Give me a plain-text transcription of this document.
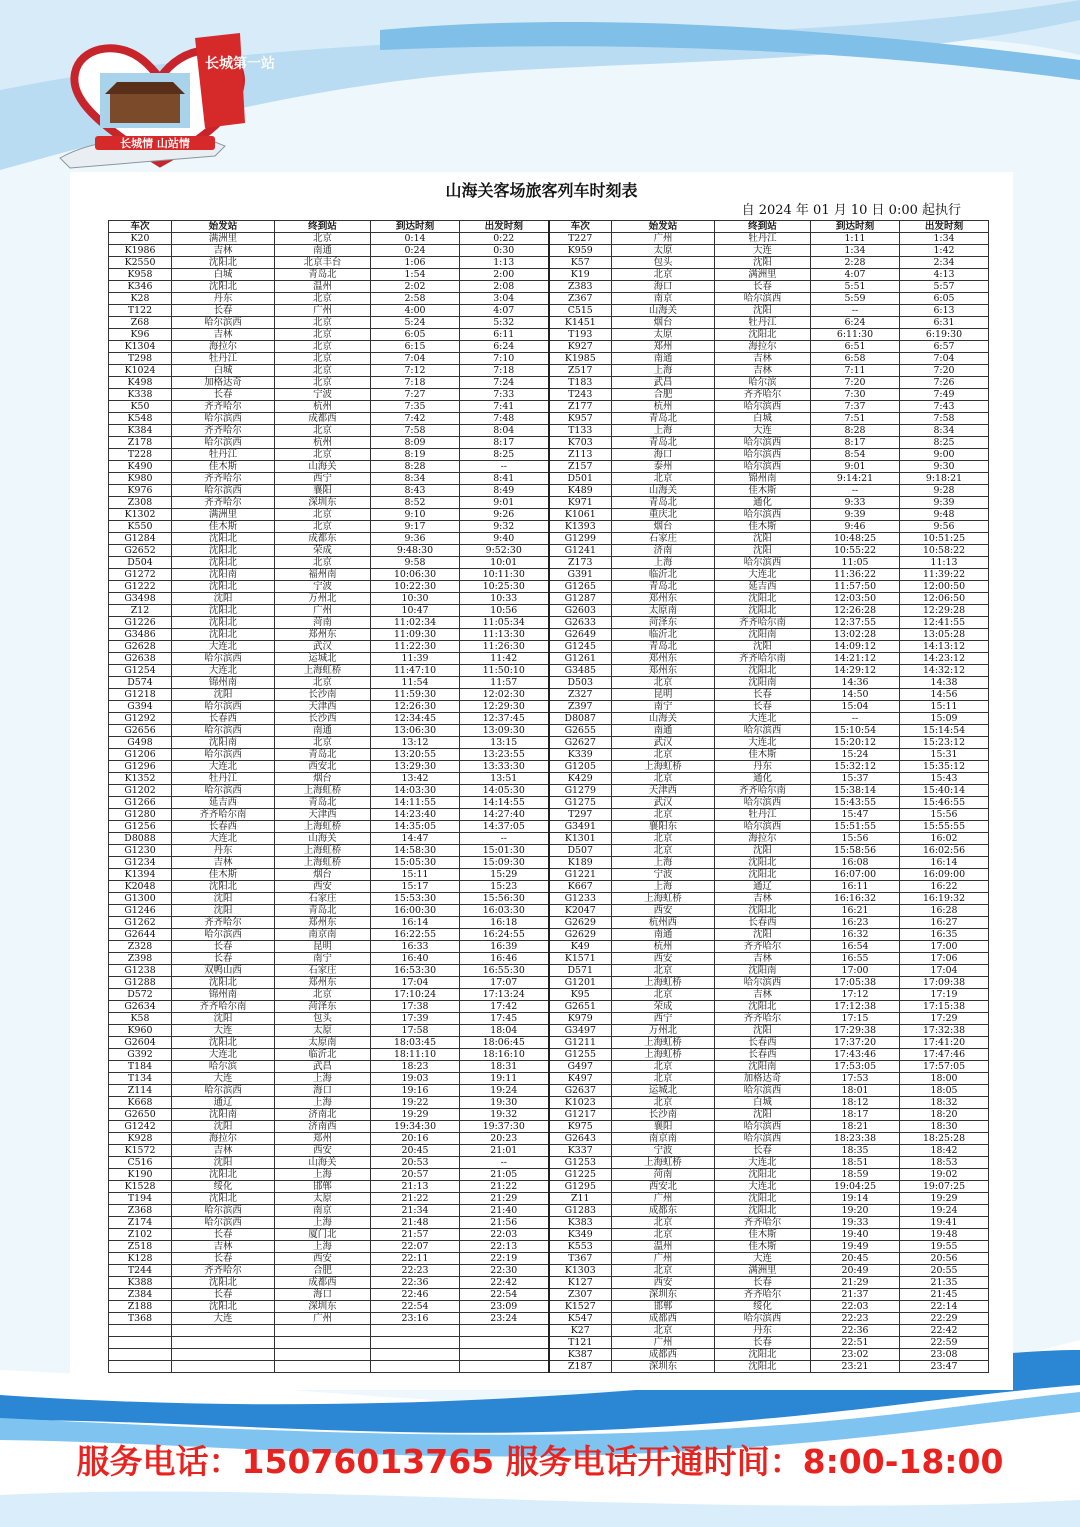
长城第一站
长城情 山站情
山海关客场旅客列车时刻表
自 2024 年 01 月 10 日 0:00 起执行
车次	始发站	终到站	到达时刻	出发时刻	车次	始发站	终到站	到达时刻	出发时刻
K20	满洲里	北京	0:14	0:22	T227	广州	牡丹江	1:11	1:34
K1986	吉林	南通	0:24	0:30	K959	太原	大连	1:34	1:42
K2550	沈阳北	北京丰台	1:06	1:13	K57	包头	沈阳	2:28	2:34
K958	白城	青岛北	1:54	2:00	K19	北京	满洲里	4:07	4:13
K346	沈阳北	温州	2:02	2:08	Z383	海口	长春	5:51	5:57
K28	丹东	北京	2:58	3:04	Z367	南京	哈尔滨西	5:59	6:05
T122	长春	广州	4:00	4:07	C515	山海关	沈阳	--	6:13
Z68	哈尔滨西	北京	5:24	5:32	K1451	烟台	牡丹江	6:24	6:31
K96	吉林	北京	6:05	6:11	T193	太原	沈阳北	6:11:30	6:19:30
K1304	海拉尔	北京	6:15	6:24	K927	郑州	海拉尔	6:51	6:57
T298	牡丹江	北京	7:04	7:10	K1985	南通	吉林	6:58	7:04
K1024	白城	北京	7:12	7:18	Z517	上海	吉林	7:11	7:20
K498	加格达奇	北京	7:18	7:24	T183	武昌	哈尔滨	7:20	7:26
K338	长春	宁波	7:27	7:33	T243	合肥	齐齐哈尔	7:30	7:49
K50	齐齐哈尔	杭州	7:35	7:41	Z177	杭州	哈尔滨西	7:37	7:43
K548	哈尔滨西	成都西	7:42	7:48	K957	青岛北	白城	7:51	7:58
K384	齐齐哈尔	北京	7:58	8:04	T133	上海	大连	8:28	8:34
Z178	哈尔滨西	杭州	8:09	8:17	K703	青岛北	哈尔滨西	8:17	8:25
T228	牡丹江	北京	8:19	8:25	Z113	海口	哈尔滨西	8:54	9:00
K490	佳木斯	山海关	8:28	--	Z157	泰州	哈尔滨西	9:01	9:30
K980	齐齐哈尔	西宁	8:34	8:41	D501	北京	锦州南	9:14:21	9:18:21
K976	哈尔滨西	襄阳	8:43	8:49	K489	山海关	佳木斯	--	9:28
Z308	齐齐哈尔	深圳东	8:52	9:01	K971	青岛北	通化	9:33	9:39
K1302	满洲里	北京	9:10	9:26	K1061	重庆北	哈尔滨西	9:39	9:48
K550	佳木斯	北京	9:17	9:32	K1393	烟台	佳木斯	9:46	9:56
G1284	沈阳北	成都东	9:36	9:40	G1299	石家庄	沈阳	10:48:25	10:51:25
G2652	沈阳北	荣成	9:48:30	9:52:30	G1241	济南	沈阳	10:55:22	10:58:22
D504	沈阳北	北京	9:58	10:01	Z173	上海	哈尔滨西	11:05	11:13
G1272	沈阳南	福州南	10:06:30	10:11:30	G391	临沂北	大连北	11:36:22	11:39:22
G1222	沈阳北	宁波	10:22:30	10:25:30	G1265	青岛北	延吉西	11:57:50	12:00:50
G3498	沈阳	万州北	10:30	10:33	G1287	郑州东	沈阳北	12:03:50	12:06:50
Z12	沈阳北	广州	10:47	10:56	G2603	太原南	沈阳北	12:26:28	12:29:28
G1226	沈阳北	菏南	11:02:34	11:05:34	G2633	菏泽东	齐齐哈尔南	12:37:55	12:41:55
G3486	沈阳北	郑州东	11:09:30	11:13:30	G2649	临沂北	沈阳南	13:02:28	13:05:28
G2628	大连北	武汉	11:22:30	11:26:30	G1245	青岛北	沈阳	14:09:12	14:13:12
G2638	哈尔滨西	运城北	11:39	11:42	G1261	郑州东	齐齐哈尔南	14:21:12	14:23:12
G1254	大连北	上海虹桥	11:47:10	11:50:10	G3485	郑州东	沈阳北	14:29:12	14:32:12
D574	锦州南	北京	11:54	11:57	D503	北京	沈阳南	14:36	14:38
G1218	沈阳	长沙南	11:59:30	12:02:30	Z327	昆明	长春	14:50	14:56
G394	哈尔滨西	天津西	12:26:30	12:29:30	Z397	南宁	长春	15:04	15:11
G1292	长春西	长沙西	12:34:45	12:37:45	D8087	山海关	大连北	--	15:09
G2656	哈尔滨西	南通	13:06:30	13:09:30	G2655	南通	哈尔滨西	15:10:54	15:14:54
G498	沈阳南	北京	13:12	13:15	G2627	武汉	大连北	15:20:12	15:23:12
G1206	哈尔滨西	青岛北	13:20:55	13:23:55	K339	北京	佳木斯	15:24	15:31
G1296	大连北	西安北	13:29:30	13:33:30	G1205	上海虹桥	丹东	15:32:12	15:35:12
K1352	牡丹江	烟台	13:42	13:51	K429	北京	通化	15:37	15:43
G1202	哈尔滨西	上海虹桥	14:03:30	14:05:30	G1279	天津西	齐齐哈尔南	15:38:14	15:40:14
G1266	延吉西	青岛北	14:11:55	14:14:55	G1275	武汉	哈尔滨西	15:43:55	15:46:55
G1280	齐齐哈尔南	天津西	14:23:40	14:27:40	T297	北京	牡丹江	15:47	15:56
G1256	长春西	上海虹桥	14:35:05	14:37:05	G3491	襄阳东	哈尔滨西	15:51:55	15:55:55
D8088	大连北	山海关	14:47	--	K1301	北京	海拉尔	15:56	16:02
G1230	丹东	上海虹桥	14:58:30	15:01:30	D507	北京	沈阳	15:58:56	16:02:56
G1234	吉林	上海虹桥	15:05:30	15:09:30	K189	上海	沈阳北	16:08	16:14
K1394	佳木斯	烟台	15:11	15:29	G1221	宁波	沈阳北	16:07:00	16:09:00
K2048	沈阳北	西安	15:17	15:23	K667	上海	通辽	16:11	16:22
G1300	沈阳	石家庄	15:53:30	15:56:30	G1233	上海虹桥	吉林	16:16:32	16:19:32
G1246	沈阳	青岛北	16:00:30	16:03:30	K2047	西安	沈阳北	16:21	16:28
G1262	齐齐哈尔	郑州东	16:14	16:18	G2629	杭州西	长春西	16:23	16:27
G2644	哈尔滨西	南京南	16:22:55	16:24:55	G2629	南通	沈阳	16:32	16:35
Z328	长春	昆明	16:33	16:39	K49	杭州	齐齐哈尔	16:54	17:00
Z398	长春	南宁	16:40	16:46	K1571	西安	吉林	16:55	17:06
G1238	双鸭山西	石家庄	16:53:30	16:55:30	D571	北京	沈阳南	17:00	17:04
G1288	沈阳北	郑州东	17:04	17:07	G1201	上海虹桥	哈尔滨西	17:05:38	17:09:38
D572	锦州南	北京	17:10:24	17:13:24	K95	北京	吉林	17:12	17:19
G2634	齐齐哈尔南	菏泽东	17:38	17:42	G2651	荣成	沈阳北	17:12:38	17:15:38
K58	沈阳	包头	17:39	17:45	K979	西宁	齐齐哈尔	17:15	17:29
K960	大连	太原	17:58	18:04	G3497	万州北	沈阳	17:29:38	17:32:38
G2604	沈阳北	太原南	18:03:45	18:06:45	G1211	上海虹桥	长春西	17:37:20	17:41:20
G392	大连北	临沂北	18:11:10	18:16:10	G1255	上海虹桥	长春西	17:43:46	17:47:46
T184	哈尔滨	武昌	18:23	18:31	G497	北京	沈阳南	17:53:05	17:57:05
T134	大连	上海	19:03	19:11	K497	北京	加格达奇	17:53	18:00
Z114	哈尔滨西	海口	19:16	19:24	G2637	运城北	哈尔滨西	18:01	18:05
K668	通辽	上海	19:22	19:30	K1023	北京	白城	18:12	18:32
G2650	沈阳南	济南北	19:29	19:32	G1217	长沙南	沈阳	18:17	18:20
G1242	沈阳	济南西	19:34:30	19:37:30	K975	襄阳	哈尔滨西	18:21	18:30
K928	海拉尔	郑州	20:16	20:23	G2643	南京南	哈尔滨西	18:23:38	18:25:28
K1572	吉林	西安	20:45	21:01	K337	宁波	长春	18:35	18:42
C516	沈阳	山海关	20:53	--	G1253	上海虹桥	大连北	18:51	18:53
K190	沈阳北	上海	20:57	21:05	G1225	菏南	沈阳北	18:59	19:02
K1528	绥化	邯郸	21:13	21:22	G1295	西安北	大连北	19:04:25	19:07:25
T194	沈阳北	太原	21:22	21:29	Z11	广州	沈阳北	19:14	19:29
Z368	哈尔滨西	南京	21:34	21:40	G1283	成都东	沈阳北	19:20	19:24
Z174	哈尔滨西	上海	21:48	21:56	K383	北京	齐齐哈尔	19:33	19:41
Z102	长春	厦门北	21:57	22:03	K349	北京	佳木斯	19:40	19:48
Z518	吉林	上海	22:07	22:13	K553	温州	佳木斯	19:49	19:55
K128	长春	西安	22:11	22:19	T367	广州	大连	20:45	20:56
T244	齐齐哈尔	合肥	22:23	22:30	K1303	北京	满洲里	20:49	20:55
K388	沈阳北	成都西	22:36	22:42	K127	西安	长春	21:29	21:35
Z384	长春	海口	22:46	22:54	Z307	深圳东	齐齐哈尔	21:37	21:45
Z188	沈阳北	深圳东	22:54	23:09	K1527	邯郸	绥化	22:03	22:14
T368	大连	广州	23:16	23:24	K547	成都西	哈尔滨西	22:23	22:29
					K27	北京	丹东	22:36	22:42
					T121	广州	长春	22:51	22:59
					K387	成都西	沈阳北	23:02	23:08
					Z187	深圳东	沈阳北	23:21	23:47
服务电话：15076013765 服务电话开通时间：8:00-18:00
